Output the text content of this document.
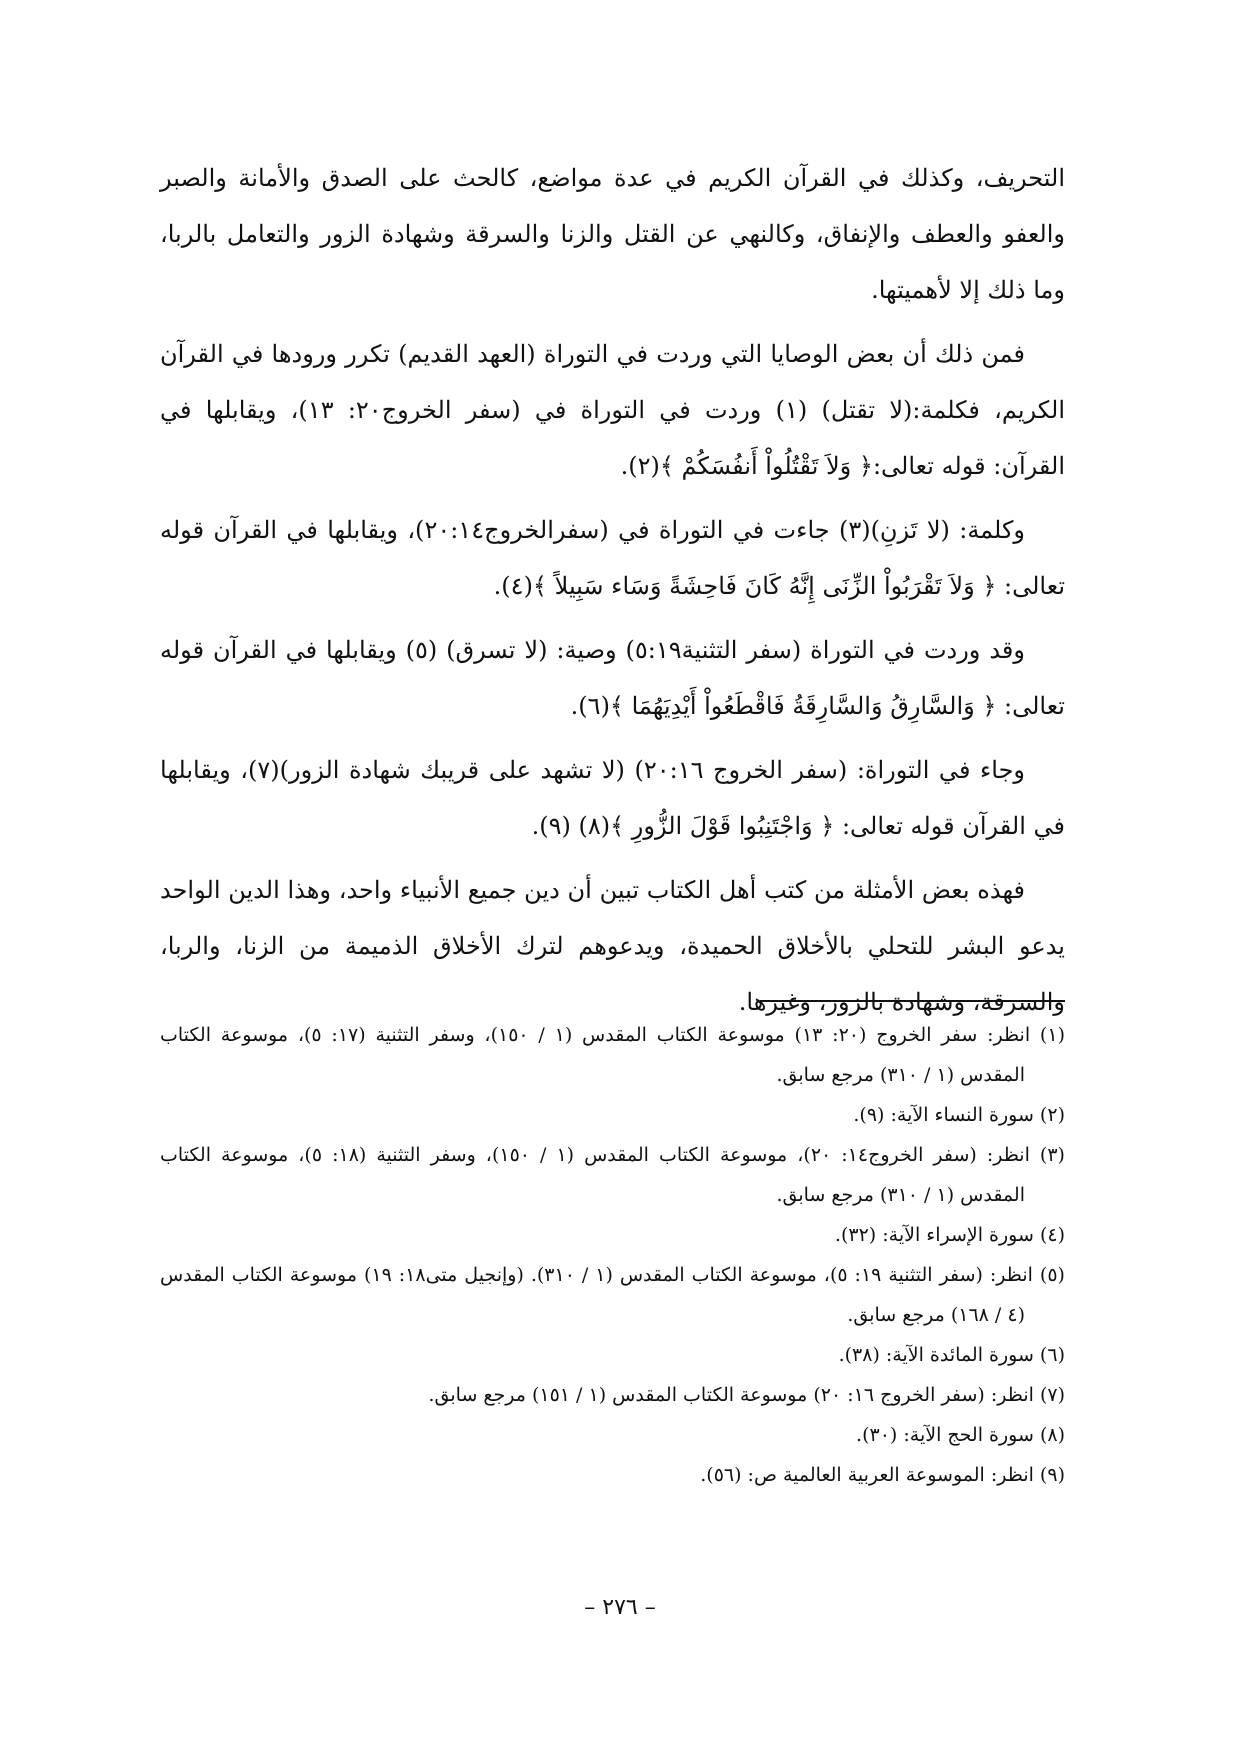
التحريف، وكذلك في القرآن الكريم في عدة مواضع، كالحث على الصدق والأمانة والصبر والعفو والعطف والإنفاق، وكالنهي عن القتل والزنا والسرقة وشهادة الزور والتعامل بالربا، وما ذلك إلا لأهميتها.

فمن ذلك أن بعض الوصايا التي وردت في التوراة (العهد القديم) تكرر ورودها في القرآن الكريم، فكلمة:(لا تقتل) (١) وردت في التوراة في (سفر الخروج٢٠: ١٣)، ويقابلها في القرآن: قوله تعالى:﴿ وَلاَ تَقْتُلُواْ أَنفُسَكُمْ ﴾(٢).

وكلمة: (لا تَزنِ)(٣) جاءت في التوراة في (سفرالخروج٢٠:١٤)، ويقابلها في القرآن قوله تعالى: ﴿ وَلاَ تَقْرَبُواْ الزِّنَى إِنَّهُ كَانَ فَاحِشَةً وَسَاء سَبِيلاً ﴾(٤).

وقد وردت في التوراة (سفر التثنية٥:١٩) وصية: (لا تسرق) (٥) ويقابلها في القرآن قوله تعالى: ﴿ وَالسَّارِقُ وَالسَّارِقَةُ فَاقْطَعُواْ أَيْدِيَهُمَا ﴾(٦).

وجاء في التوراة: (سفر الخروج ٢٠:١٦) (لا تشهد على قريبك شهادة الزور)(٧)، ويقابلها في القرآن قوله تعالى: ﴿ وَاجْتَنِبُوا قَوْلَ الزُّورِ ﴾(٨) (٩).

فهذه بعض الأمثلة من كتب أهل الكتاب تبين أن دين جميع الأنبياء واحد، وهذا الدين الواحد يدعو البشر للتحلي بالأخلاق الحميدة، ويدعوهم لترك الأخلاق الذميمة من الزنا، والربا، والسرقة، وشهادة بالزور، وغيرها.

(١) انظر: سفر الخروج (٢٠: ١٣) موسوعة الكتاب المقدس (١ / ١٥٠)، وسفر التثنية (١٧: ٥)، موسوعة الكتاب المقدس (١ / ٣١٠) مرجع سابق.

(٢) سورة النساء الآية: (٩).

(٣) انظر: (سفر الخروج١٤: ٢٠)، موسوعة الكتاب المقدس (١ / ١٥٠)، وسفر التثنية (١٨: ٥)، موسوعة الكتاب المقدس (١ / ٣١٠) مرجع سابق.

(٤) سورة الإسراء الآية: (٣٢).

(٥) انظر: (سفر التثنية ١٩: ٥)، موسوعة الكتاب المقدس (١ / ٣١٠). (وإنجيل متى١٨: ١٩) موسوعة الكتاب المقدس (٤ / ١٦٨) مرجع سابق.

(٦) سورة المائدة الآية: (٣٨).

(٧) انظر: (سفر الخروج ١٦: ٢٠) موسوعة الكتاب المقدس (١ / ١٥١) مرجع سابق.

(٨) سورة الحج الآية: (٣٠).

(٩) انظر: الموسوعة العربية العالمية ص: (٥٦).

– ٢٧٦ –
